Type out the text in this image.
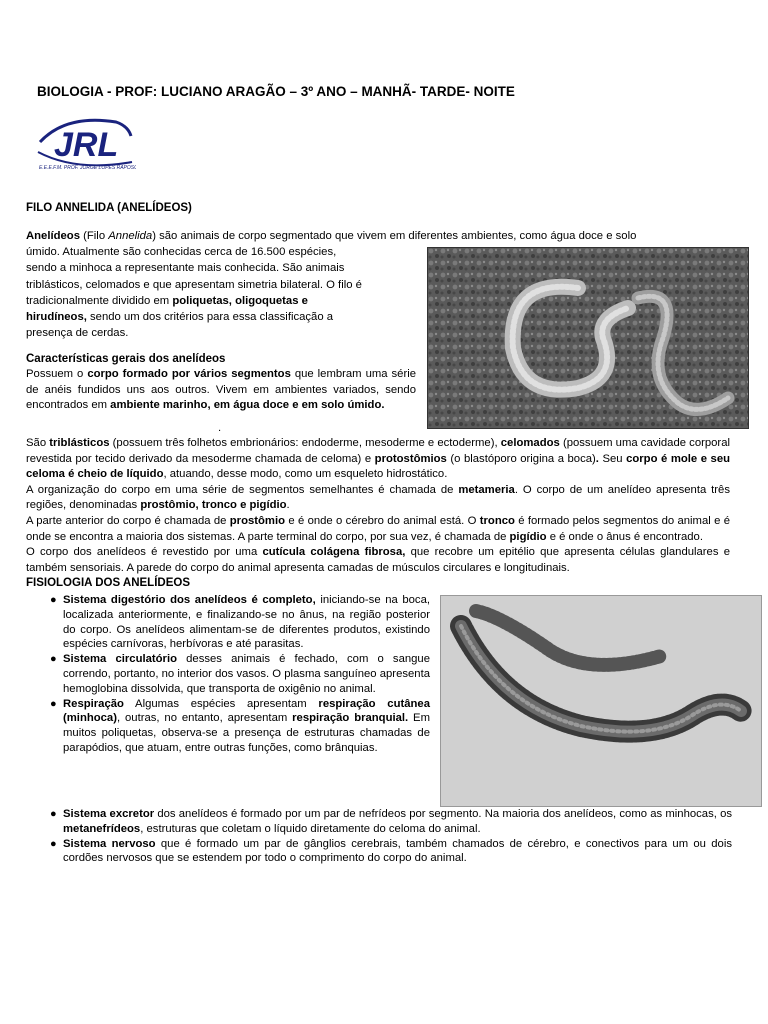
BIOLOGIA - PROF: LUCIANO ARAGÃO – 3º ANO – MANHÃ- TARDE- NOITE
JRL
E.E.E.F.M. PROF. JORGE LOPES RAPOSO
FILO ANNELIDA (ANELÍDEOS)
Anelídeos (Filo Annelida) são animais de corpo segmentado que vivem em diferentes ambientes, como água doce e solo
úmido. Atualmente são conhecidas cerca de 16.500 espécies,
sendo a minhoca a representante mais conhecida. São animais
triblásticos, celomados e que apresentam simetria bilateral. O filo é
tradicionalmente dividido em poliquetas, oligoquetas e
hirudíneos, sendo um dos critérios para essa classificação a
presença de cerdas.
Características gerais dos anelídeos
Possuem o corpo formado por vários segmentos que lembram uma série de anéis fundidos uns aos outros. Vivem em ambientes variados, sendo encontrados em ambiente marinho, em água doce e em solo úmido.
.
São triblásticos (possuem três folhetos embrionários: endoderme, mesoderme e ectoderme), celomados (possuem uma cavidade corporal revestida por tecido derivado da mesoderme chamada de celoma) e protostômios (o blastóporo origina a boca). Seu corpo é mole e seu celoma é cheio de líquido, atuando, desse modo, como um esqueleto hidrostático.
A organização do corpo em uma série de segmentos semelhantes é chamada de metameria. O corpo de um anelídeo apresenta três regiões, denominadas prostômio, tronco e pigídio.
A parte anterior do corpo é chamada de prostômio e é onde o cérebro do animal está. O tronco é formado pelos segmentos do animal e é onde se encontra a maioria dos sistemas. A parte terminal do corpo, por sua vez, é chamada de pigídio e é onde o ânus é encontrado.
O corpo dos anelídeos é revestido por uma cutícula colágena fibrosa, que recobre um epitélio que apresenta células glandulares e também sensoriais. A parede do corpo do animal apresenta camadas de músculos circulares e longitudinais.
FISIOLOGIA DOS ANELÍDEOS
● Sistema digestório dos anelídeos é completo, iniciando-se na boca, localizada anteriormente, e finalizando-se no ânus, na região posterior do corpo. Os anelídeos alimentam-se de diferentes produtos, existindo espécies carnívoras, herbívoras e até parasitas.
● Sistema circulatório desses animais é fechado, com o sangue correndo, portanto, no interior dos vasos. O plasma sanguíneo apresenta hemoglobina dissolvida, que transporta de oxigênio no animal.
● Respiração Algumas espécies apresentam respiração cutânea (minhoca), outras, no entanto, apresentam respiração branquial. Em muitos poliquetas, observa-se a presença de estruturas chamadas de parapódios, que atuam, entre outras funções, como brânquias.
● Sistema excretor dos anelídeos é formado por um par de nefrídeos por segmento. Na maioria dos anelídeos, como as minhocas, os metanefrídeos, estruturas que coletam o líquido diretamente do celoma do animal.
● Sistema nervoso que é formado um par de gânglios cerebrais, também chamados de cérebro, e conectivos para um ou dois cordões nervosos que se estendem por todo o comprimento do corpo do animal.
